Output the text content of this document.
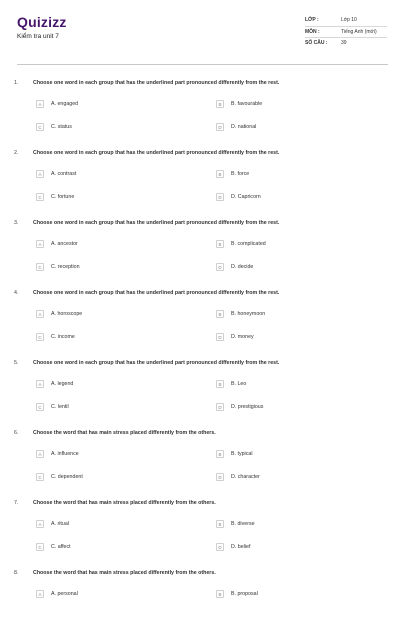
Quizizz
Kiểm tra unit 7
LỚP :	Lớp 10
MÔN :	Tiếng Anh (mới)
SỐ CÂU :	39
1.	Choose one word in each group that has the underlined part pronounced differently from the rest.
A	A. engaged	B	B. favourable
C	C. status	D	D. national
2.	Choose one word in each group that has the underlined part pronounced differently from the rest.
A	A. contrast	B	B. force
C	C. fortune	D	D. Capricorn
3.	Choose one word in each group that has the underlined part pronounced differently from the rest.
A	A. ancestor	B	B. complicated
C	C. reception	D	D. decide
4.	Choose one word in each group that has the underlined part pronounced differently from the rest.
A	A. horoscope	B	B. honeymoon
C	C. income	D	D. money
5.	Choose one word in each group that has the underlined part pronounced differently from the rest.
A	A. legend	B	B. Leo
C	C. lentil	D	D. prestigious
6.	Choose the word that has main stress placed differently from the others.
A	A. influence	B	B. typical
C	C. dependent	D	D. character
7.	Choose the word that has main stress placed differently from the others.
A	A. ritual	B	B. diverse
C	C. affect	D	D. belief
8.	Choose the word that has main stress placed differently from the others.
A	A. personal	B	B. proposal
